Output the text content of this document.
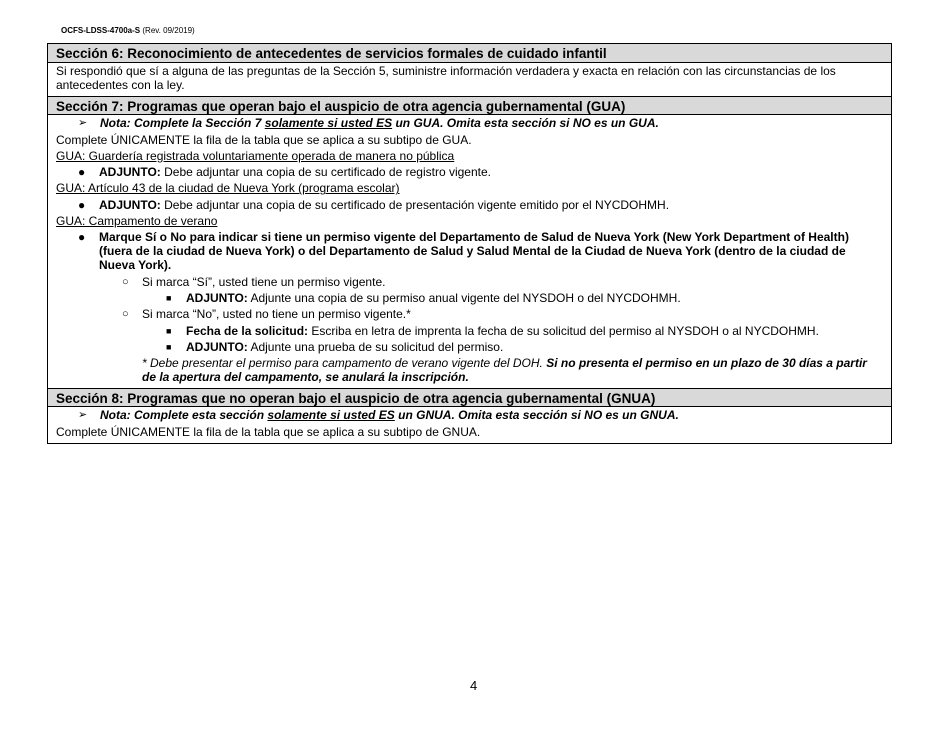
OCFS-LDSS-4700a-S (Rev. 09/2019)
Sección 6: Reconocimiento de antecedentes de servicios formales de cuidado infantil
Si respondió que sí a alguna de las preguntas de la Sección 5, suministre información verdadera y exacta en relación con las circunstancias de los antecedentes con la ley.
Sección 7: Programas que operan bajo el auspicio de otra agencia gubernamental (GUA)
➢ Nota: Complete la Sección 7 solamente si usted ES un GUA. Omita esta sección si NO es un GUA.
Complete ÚNICAMENTE la fila de la tabla que se aplica a su subtipo de GUA.
GUA: Guardería registrada voluntariamente operada de manera no pública
● ADJUNTO: Debe adjuntar una copia de su certificado de registro vigente.
GUA: Artículo 43 de la ciudad de Nueva York (programa escolar)
● ADJUNTO: Debe adjuntar una copia de su certificado de presentación vigente emitido por el NYCDOHMH.
GUA: Campamento de verano
● Marque Sí o No para indicar si tiene un permiso vigente del Departamento de Salud de Nueva York (New York Department of Health) (fuera de la ciudad de Nueva York) o del Departamento de Salud y Salud Mental de la Ciudad de Nueva York (dentro de la ciudad de Nueva York).
○ Si marca “Sí”, usted tiene un permiso vigente.
■ ADJUNTO: Adjunte una copia de su permiso anual vigente del NYSDOH o del NYCDOHMH.
○ Si marca “No”, usted no tiene un permiso vigente.*
■ Fecha de la solicitud: Escriba en letra de imprenta la fecha de su solicitud del permiso al NYSDOH o al NYCDOHMH.
■ ADJUNTO: Adjunte una prueba de su solicitud del permiso.
* Debe presentar el permiso para campamento de verano vigente del DOH. Si no presenta el permiso en un plazo de 30 días a partir de la apertura del campamento, se anulará la inscripción.
Sección 8: Programas que no operan bajo el auspicio de otra agencia gubernamental (GNUA)
➢ Nota: Complete esta sección solamente si usted ES un GNUA. Omita esta sección si NO es un GNUA.
Complete ÚNICAMENTE la fila de la tabla que se aplica a su subtipo de GNUA.
4
